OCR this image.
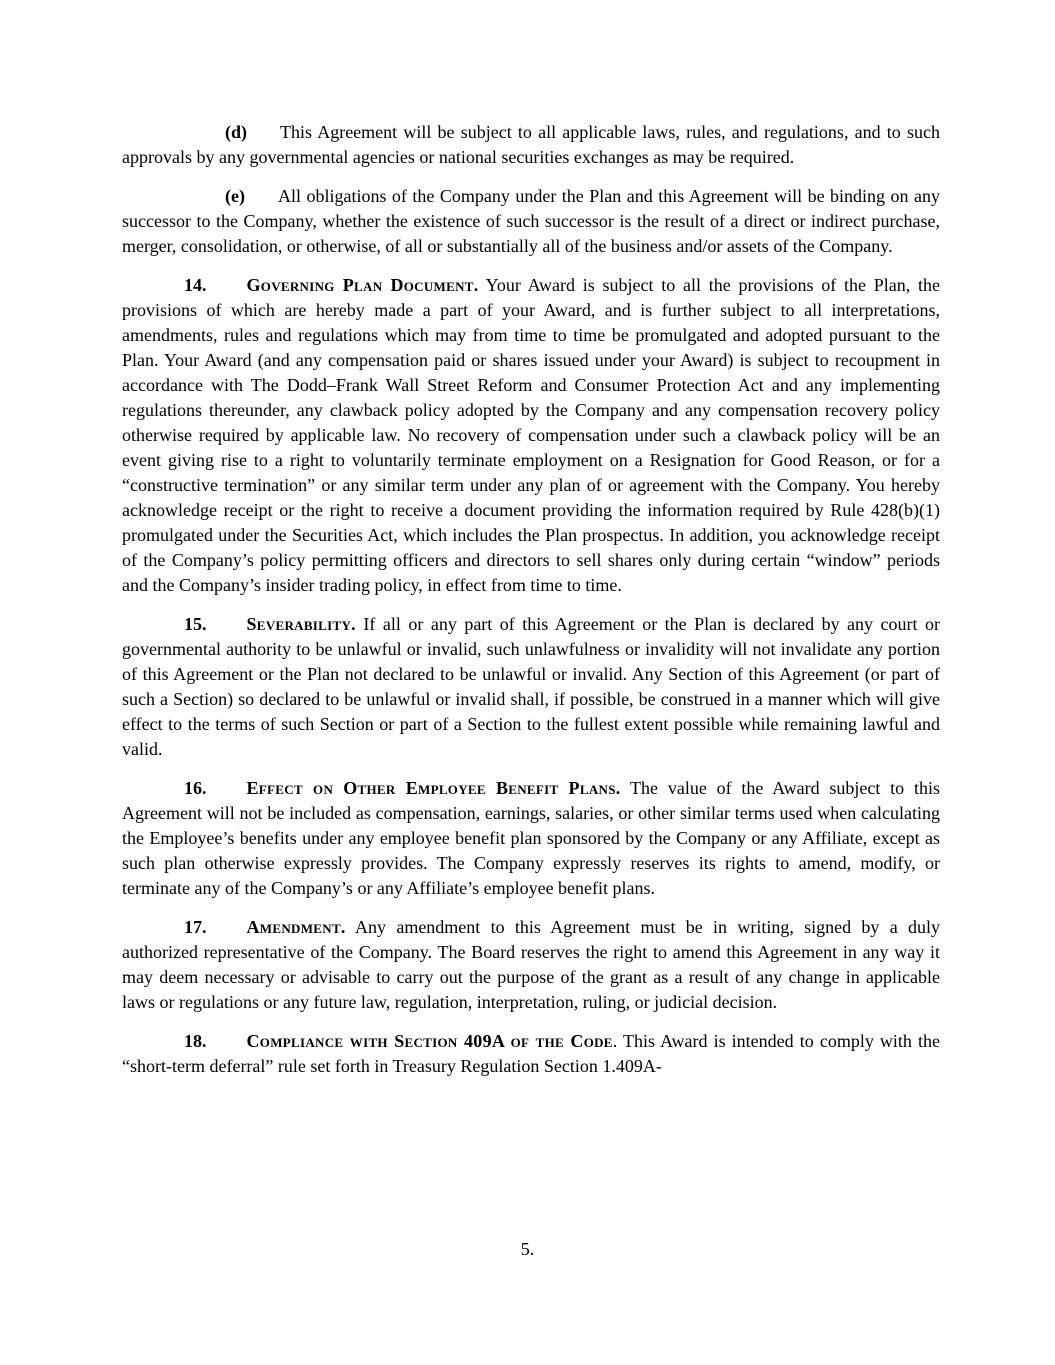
(d) This Agreement will be subject to all applicable laws, rules, and regulations, and to such approvals by any governmental agencies or national securities exchanges as may be required.

(e) All obligations of the Company under the Plan and this Agreement will be binding on any successor to the Company, whether the existence of such successor is the result of a direct or indirect purchase, merger, consolidation, or otherwise, of all or substantially all of the business and/or assets of the Company.

14. Governing Plan Document. Your Award is subject to all the provisions of the Plan, the provisions of which are hereby made a part of your Award, and is further subject to all interpretations, amendments, rules and regulations which may from time to time be promulgated and adopted pursuant to the Plan. Your Award (and any compensation paid or shares issued under your Award) is subject to recoupment in accordance with The Dodd–Frank Wall Street Reform and Consumer Protection Act and any implementing regulations thereunder, any clawback policy adopted by the Company and any compensation recovery policy otherwise required by applicable law. No recovery of compensation under such a clawback policy will be an event giving rise to a right to voluntarily terminate employment on a Resignation for Good Reason, or for a “constructive termination” or any similar term under any plan of or agreement with the Company. You hereby acknowledge receipt or the right to receive a document providing the information required by Rule 428(b)(1) promulgated under the Securities Act, which includes the Plan prospectus. In addition, you acknowledge receipt of the Company’s policy permitting officers and directors to sell shares only during certain “window” periods and the Company’s insider trading policy, in effect from time to time.

15. Severability. If all or any part of this Agreement or the Plan is declared by any court or governmental authority to be unlawful or invalid, such unlawfulness or invalidity will not invalidate any portion of this Agreement or the Plan not declared to be unlawful or invalid. Any Section of this Agreement (or part of such a Section) so declared to be unlawful or invalid shall, if possible, be construed in a manner which will give effect to the terms of such Section or part of a Section to the fullest extent possible while remaining lawful and valid.

16. Effect on Other Employee Benefit Plans. The value of the Award subject to this Agreement will not be included as compensation, earnings, salaries, or other similar terms used when calculating the Employee’s benefits under any employee benefit plan sponsored by the Company or any Affiliate, except as such plan otherwise expressly provides. The Company expressly reserves its rights to amend, modify, or terminate any of the Company’s or any Affiliate’s employee benefit plans.

17. Amendment. Any amendment to this Agreement must be in writing, signed by a duly authorized representative of the Company. The Board reserves the right to amend this Agreement in any way it may deem necessary or advisable to carry out the purpose of the grant as a result of any change in applicable laws or regulations or any future law, regulation, interpretation, ruling, or judicial decision.

18. Compliance with Section 409A of the Code. This Award is intended to comply with the “short-term deferral” rule set forth in Treasury Regulation Section 1.409A-

5.
